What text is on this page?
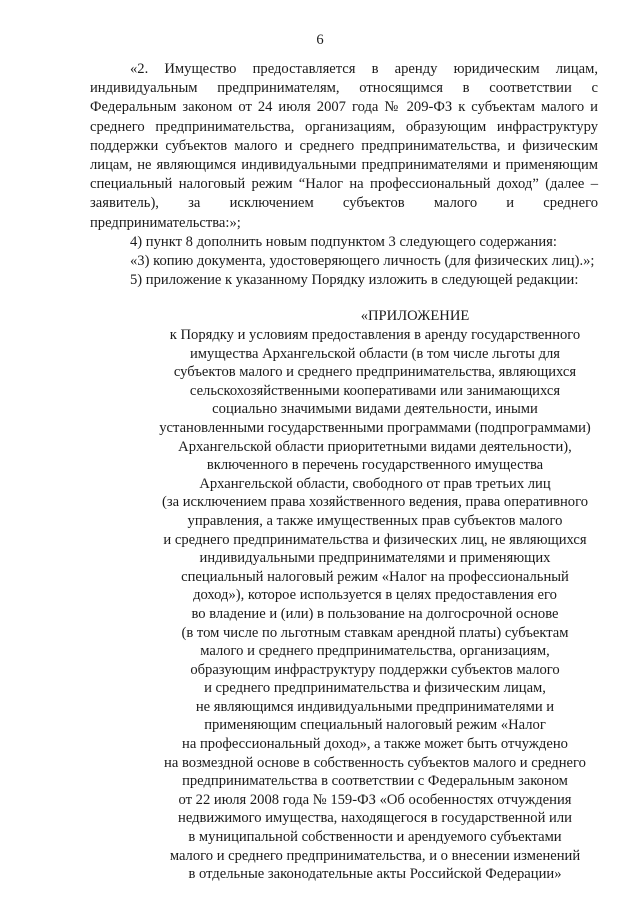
6

«2. Имущество предоставляется в аренду юридическим лицам, индивидуальным предпринимателям, относящимся в соответствии с Федеральным законом от 24 июля 2007 года № 209-ФЗ к субъектам малого и среднего предпринимательства, организациям, образующим инфраструктуру поддержки субъектов малого и среднего предпринимательства, и физическим лицам, не являющимся индивидуальными предпринимателями и применяющим специальный налоговый режим “Налог на профессиональный доход” (далее – заявитель), за исключением субъектов малого и среднего предпринимательства:»;

4) пункт 8 дополнить новым подпунктом 3 следующего содержания:

«3) копию документа, удостоверяющего личность (для физических лиц).»;

5) приложение к указанному Порядку изложить в следующей редакции:

«ПРИЛОЖЕНИЕ

к Порядку и условиям предоставления в аренду государственного
имущества Архангельской области (в том числе льготы для
субъектов малого и среднего предпринимательства, являющихся
сельскохозяйственными кооперативами или занимающихся
социально значимыми видами деятельности, иными
установленными государственными программами (подпрограммами)
Архангельской области приоритетными видами деятельности),
включенного в перечень государственного имущества
Архангельской области, свободного от прав третьих лиц
(за исключением права хозяйственного ведения, права оперативного
управления, а также имущественных прав субъектов малого
и среднего предпринимательства и физических лиц, не являющихся
индивидуальными предпринимателями и применяющих
специальный налоговый режим «Налог на профессиональный
доход»), которое используется в целях предоставления его
во владение и (или) в пользование на долгосрочной основе
(в том числе по льготным ставкам арендной платы) субъектам
малого и среднего предпринимательства, организациям,
образующим инфраструктуру поддержки субъектов малого
и среднего предпринимательства и физическим лицам,
не являющимся индивидуальными предпринимателями и
применяющим специальный налоговый режим «Налог
на профессиональный доход», а также может быть отчуждено
на возмездной основе в собственность субъектов малого и среднего
предпринимательства в соответствии с Федеральным законом
от 22 июля 2008 года № 159-ФЗ «Об особенностях отчуждения
недвижимого имущества, находящегося в государственной или
в муниципальной собственности и арендуемого субъектами
малого и среднего предпринимательства, и о внесении изменений
в отдельные законодательные акты Российской Федерации»
